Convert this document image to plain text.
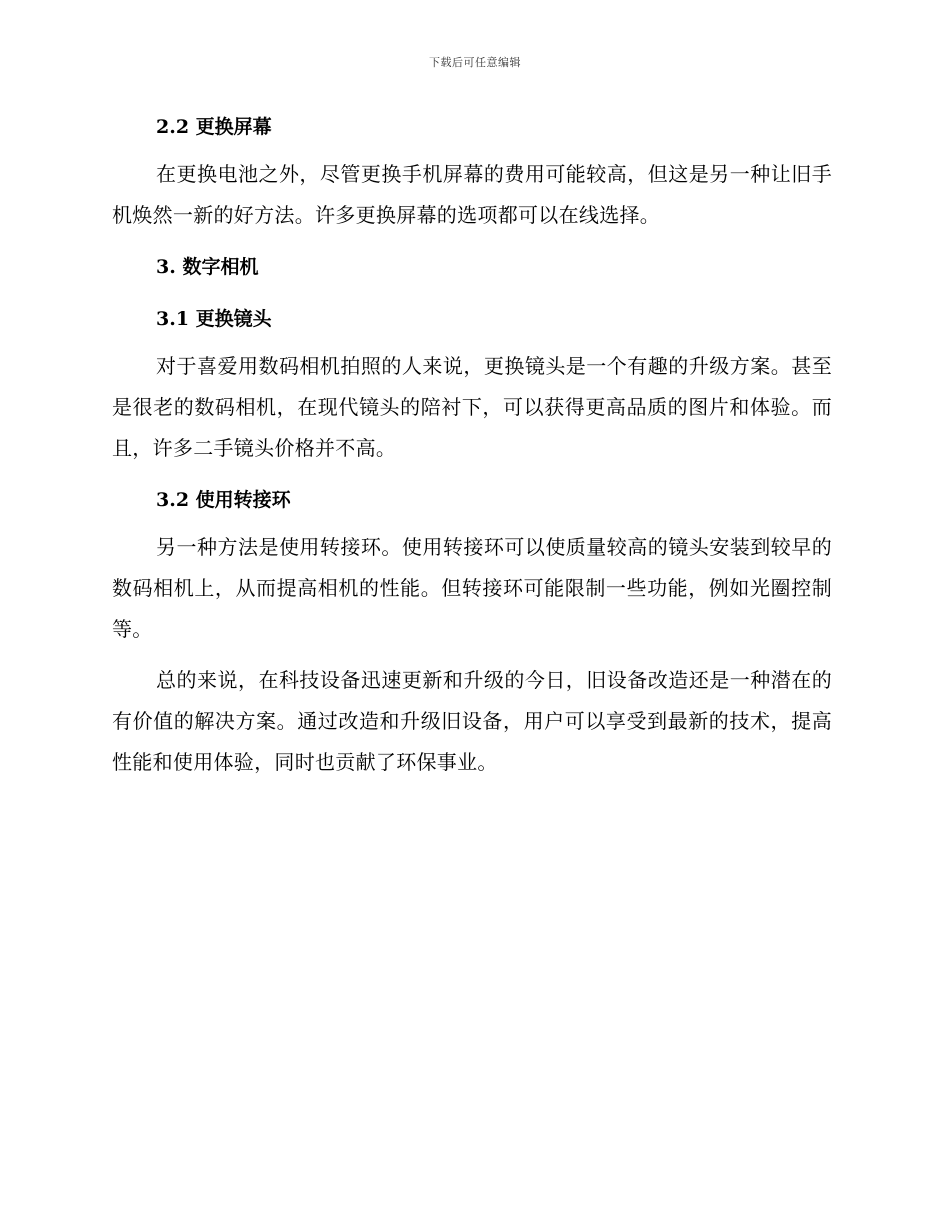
下载后可任意编辑
2.2 更换屏幕

在更换电池之外，尽管更换手机屏幕的费用可能较高，但这是另一种让旧手机焕然一新的好方法。许多更换屏幕的选项都可以在线选择。

3. 数字相机
3.1 更换镜头

对于喜爱用数码相机拍照的人来说，更换镜头是一个有趣的升级方案。甚至是很老的数码相机，在现代镜头的陪衬下，可以获得更高品质的图片和体验。而且，许多二手镜头价格并不高。

3.2 使用转接环

另一种方法是使用转接环。使用转接环可以使质量较高的镜头安装到较早的数码相机上，从而提高相机的性能。但转接环可能限制一些功能，例如光圈控制等。

总的来说，在科技设备迅速更新和升级的今日，旧设备改造还是一种潜在的有价值的解决方案。通过改造和升级旧设备，用户可以享受到最新的技术，提高性能和使用体验，同时也贡献了环保事业。
